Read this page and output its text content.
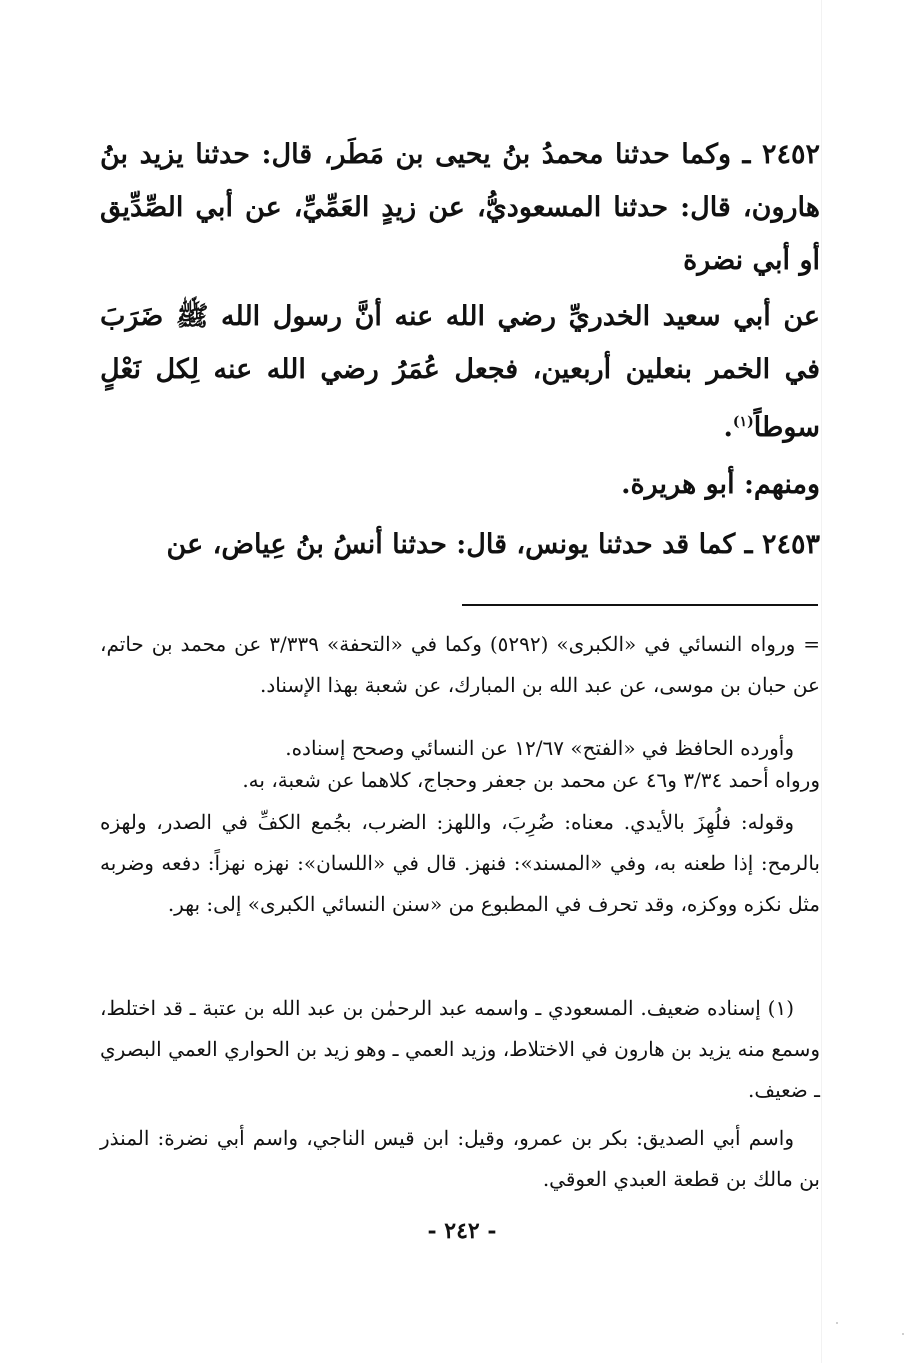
٢٤٥٢ ـ وكما حدثنا محمدُ بنُ يحيى بن مَطَر، قال: حدثنا يزيد بنُ هارون، قال: حدثنا المسعوديُّ، عن زيدٍ العَمِّيِّ، عن أبي الصِّدِّيق أو أبي نضرة

عن أبي سعيد الخدريِّ رضي الله عنه أنَّ رسول الله ﷺ ضَرَبَ في الخمر بنعلين أربعين، فجعل عُمَرُ رضي الله عنه لِكل نَعْلٍ سوطاً$^{(١)}$.

ومنهم: أبو هريرة.

٢٤٥٣ ـ كما قد حدثنا يونس، قال: حدثنا أنسُ بنُ عِياض، عن

= ورواه النسائي في «الكبرى» (٥٢٩٢) وكما في «التحفة» ٣/٣٣٩ عن محمد بن حاتم، عن حبان بن موسى، عن عبد الله بن المبارك، عن شعبة بهذا الإسناد.

وأورده الحافظ في «الفتح» ١٢/٦٧ عن النسائي وصحح إسناده.

ورواه أحمد ٣/٣٤ و٤٦ عن محمد بن جعفر وحجاج، كلاهما عن شعبة، به.

وقوله: فلُهِزَ بالأيدي. معناه: ضُرِبَ، واللهز: الضرب، بجُمع الكفِّ في الصدر، ولهزه بالرمح: إذا طعنه به، وفي «المسند»: فنهز. قال في «اللسان»: نهزه نهزاً: دفعه وضربه مثل نكزه ووكزه، وقد تحرف في المطبوع من «سنن النسائي الكبرى» إلى: بهر.

(١) إسناده ضعيف. المسعودي ـ واسمه عبد الرحمٰن بن عبد الله بن عتبة ـ قد اختلط، وسمع منه يزيد بن هارون في الاختلاط، وزيد العمي ـ وهو زيد بن الحواري العمي البصري ـ ضعيف.

واسم أبي الصديق: بكر بن عمرو، وقيل: ابن قيس الناجي، واسم أبي نضرة: المنذر بن مالك بن قطعة العبدي العوقي.

- ٢٤٢ -
